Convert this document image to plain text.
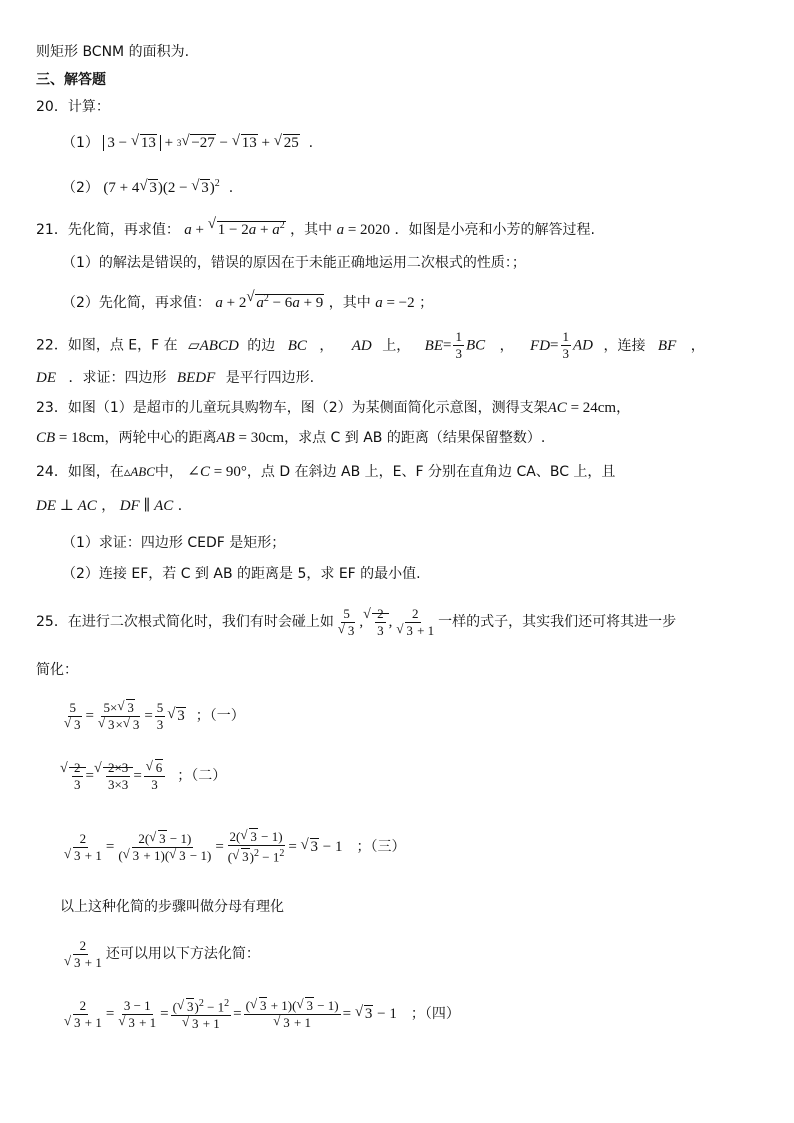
则矩形 BCNM 的面积为.
三、解答题
20．计算：
（1） 3 − √ 13 + $^3$ √ −27 − √ 13 + √ 25  .
（2） (7 + 4 √ 3)(2 − √ 3)$^2$  .
21．先化简，再求值： a + √ $1 - 2a + a^2$ ，其中 a = 2020 ．如图是小亮和小芳的解答过程.
（1）的解法是错误的，错误的原因在于未能正确地运用二次根式的性质：；
（2）先化简，再求值： a + 2 √ $a^2 - 6a + 9$ ，其中 a = −2 ；
22．如图，点 E，F 在 ▱ABCD 的边 BC ， AD 上， $BE= \frac{1}{3}$ BC ， $FD= \frac{1}{3}$ AD ，连接 BF ，
DE ．求证：四边形 BEDF 是平行四边形.
23．如图（1）是超市的儿童玩具购物车，图（2）为某侧面简化示意图，测得支架AC = 24cm，
CB = 18cm，两轮中心的距离AB = 30cm，求点 C 到 AB 的距离（结果保留整数）.
24．如图，在▵ABC中， ∠C = 90°，点 D 在斜边 AB 上，E、F 分别在直角边 CA、BC 上，且
DE ⊥ AC ， DF ∥ AC ．
（1）求证：四边形 CEDF 是矩形；
（2）连接 EF，若 C 到 AB 的距离是 5，求 EF 的最小值.
25．在进行二次根式简化时，我们有时会碰上如 5
√ 3 , √ $\frac{2}{3}$ , 2
√ 3 + 1 一样的式子，其实我们还可将其进一步
简化：
5
√ 3 = 5× √ 3
√ 3× √ $3 = \frac{5}{3}$ √ 3 ；（一）
√ $\frac{2}{3}$ = √ $\frac{2\times 3}{3\times 3}$ = √ $\frac{6}{3}$ ；（二）
2
√ $3 + 1 = \frac{2( √ 3 - 1)}{( √ 3 + 1)( √ 3 - 1)} = \frac{2( √ 3 - 1)}{( √ 3)^2 - 1^2}$ = √ 3 − 1 ；（三）
以上这种化简的步骤叫做分母有理化
2
√ 3 + 1 还可以用以下方法化简：
2
√ 3 + 1 = 3 − 1
√ 3 + 1 = ( √ $3)^2 - 1^2$
√ 3 + 1 = ( √ 3 + 1)( √ 3 − 1)
√ 3 + 1 = √ 3 − 1 ；（四）
